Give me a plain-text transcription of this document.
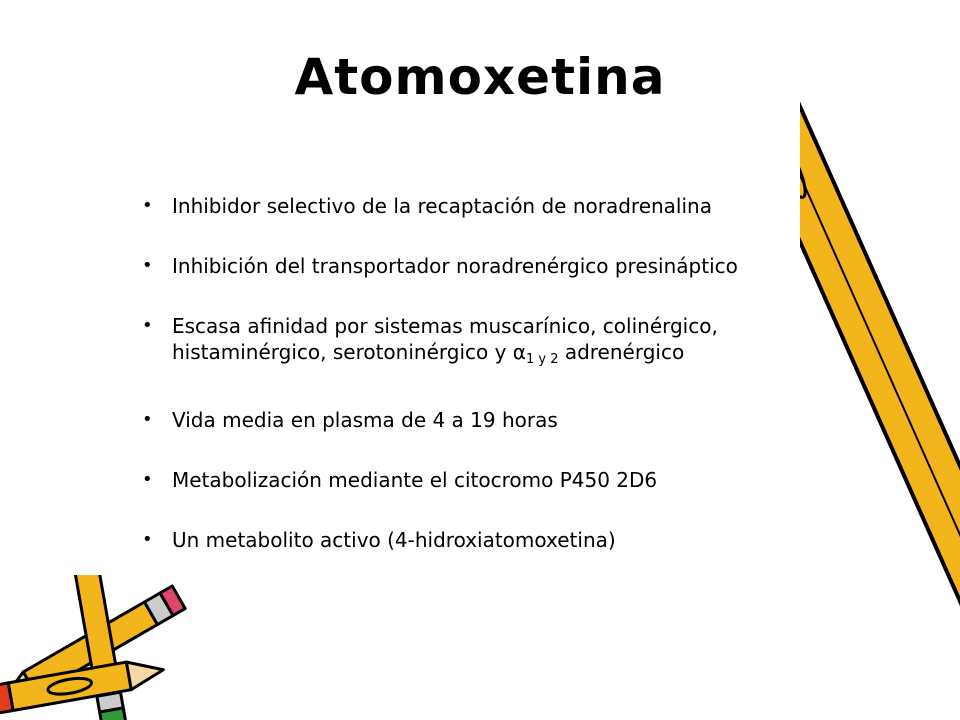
Atomoxetina
• Inhibidor selectivo de la recaptación de noradrenalina
• Inhibición del transportador noradrenérgico presináptico
• Escasa afinidad por sistemas muscarínico, colinérgico,
histaminérgico, serotoninérgico y $\alpha_{1 y 2}$ adrenérgico
• Vida media en plasma de 4 a 19 horas
• Metabolización mediante el citocromo P450 2D6
• Un metabolito activo (4-hidroxiatomoxetina)
